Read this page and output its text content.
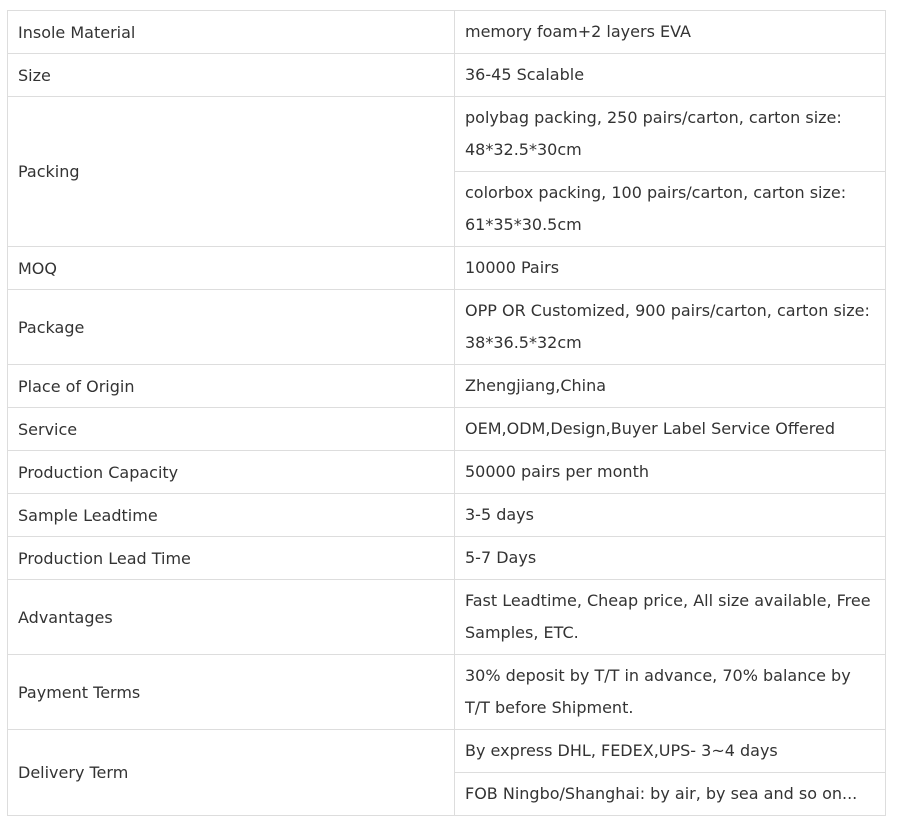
Insole Material	memory foam+2 layers EVA
Size	36-45 Scalable
Packing	polybag packing, 250 pairs/carton, carton size: 48*32.5*30cm
	colorbox packing, 100 pairs/carton, carton size: 61*35*30.5cm
MOQ	10000 Pairs
Package	OPP OR Customized, 900 pairs/carton, carton size: 38*36.5*32cm
Place of Origin	Zhengjiang,China
Service	OEM,ODM,Design,Buyer Label Service Offered
Production Capacity	50000 pairs per month
Sample Leadtime	3-5 days
Production Lead Time	5-7 Days
Advantages	Fast Leadtime, Cheap price, All size available, Free Samples, ETC.
Payment Terms	30% deposit by T/T in advance, 70% balance by T/T before Shipment.
Delivery Term	By express DHL, FEDEX,UPS- 3~4 days
	FOB Ningbo/Shanghai: by air, by sea and so on...
